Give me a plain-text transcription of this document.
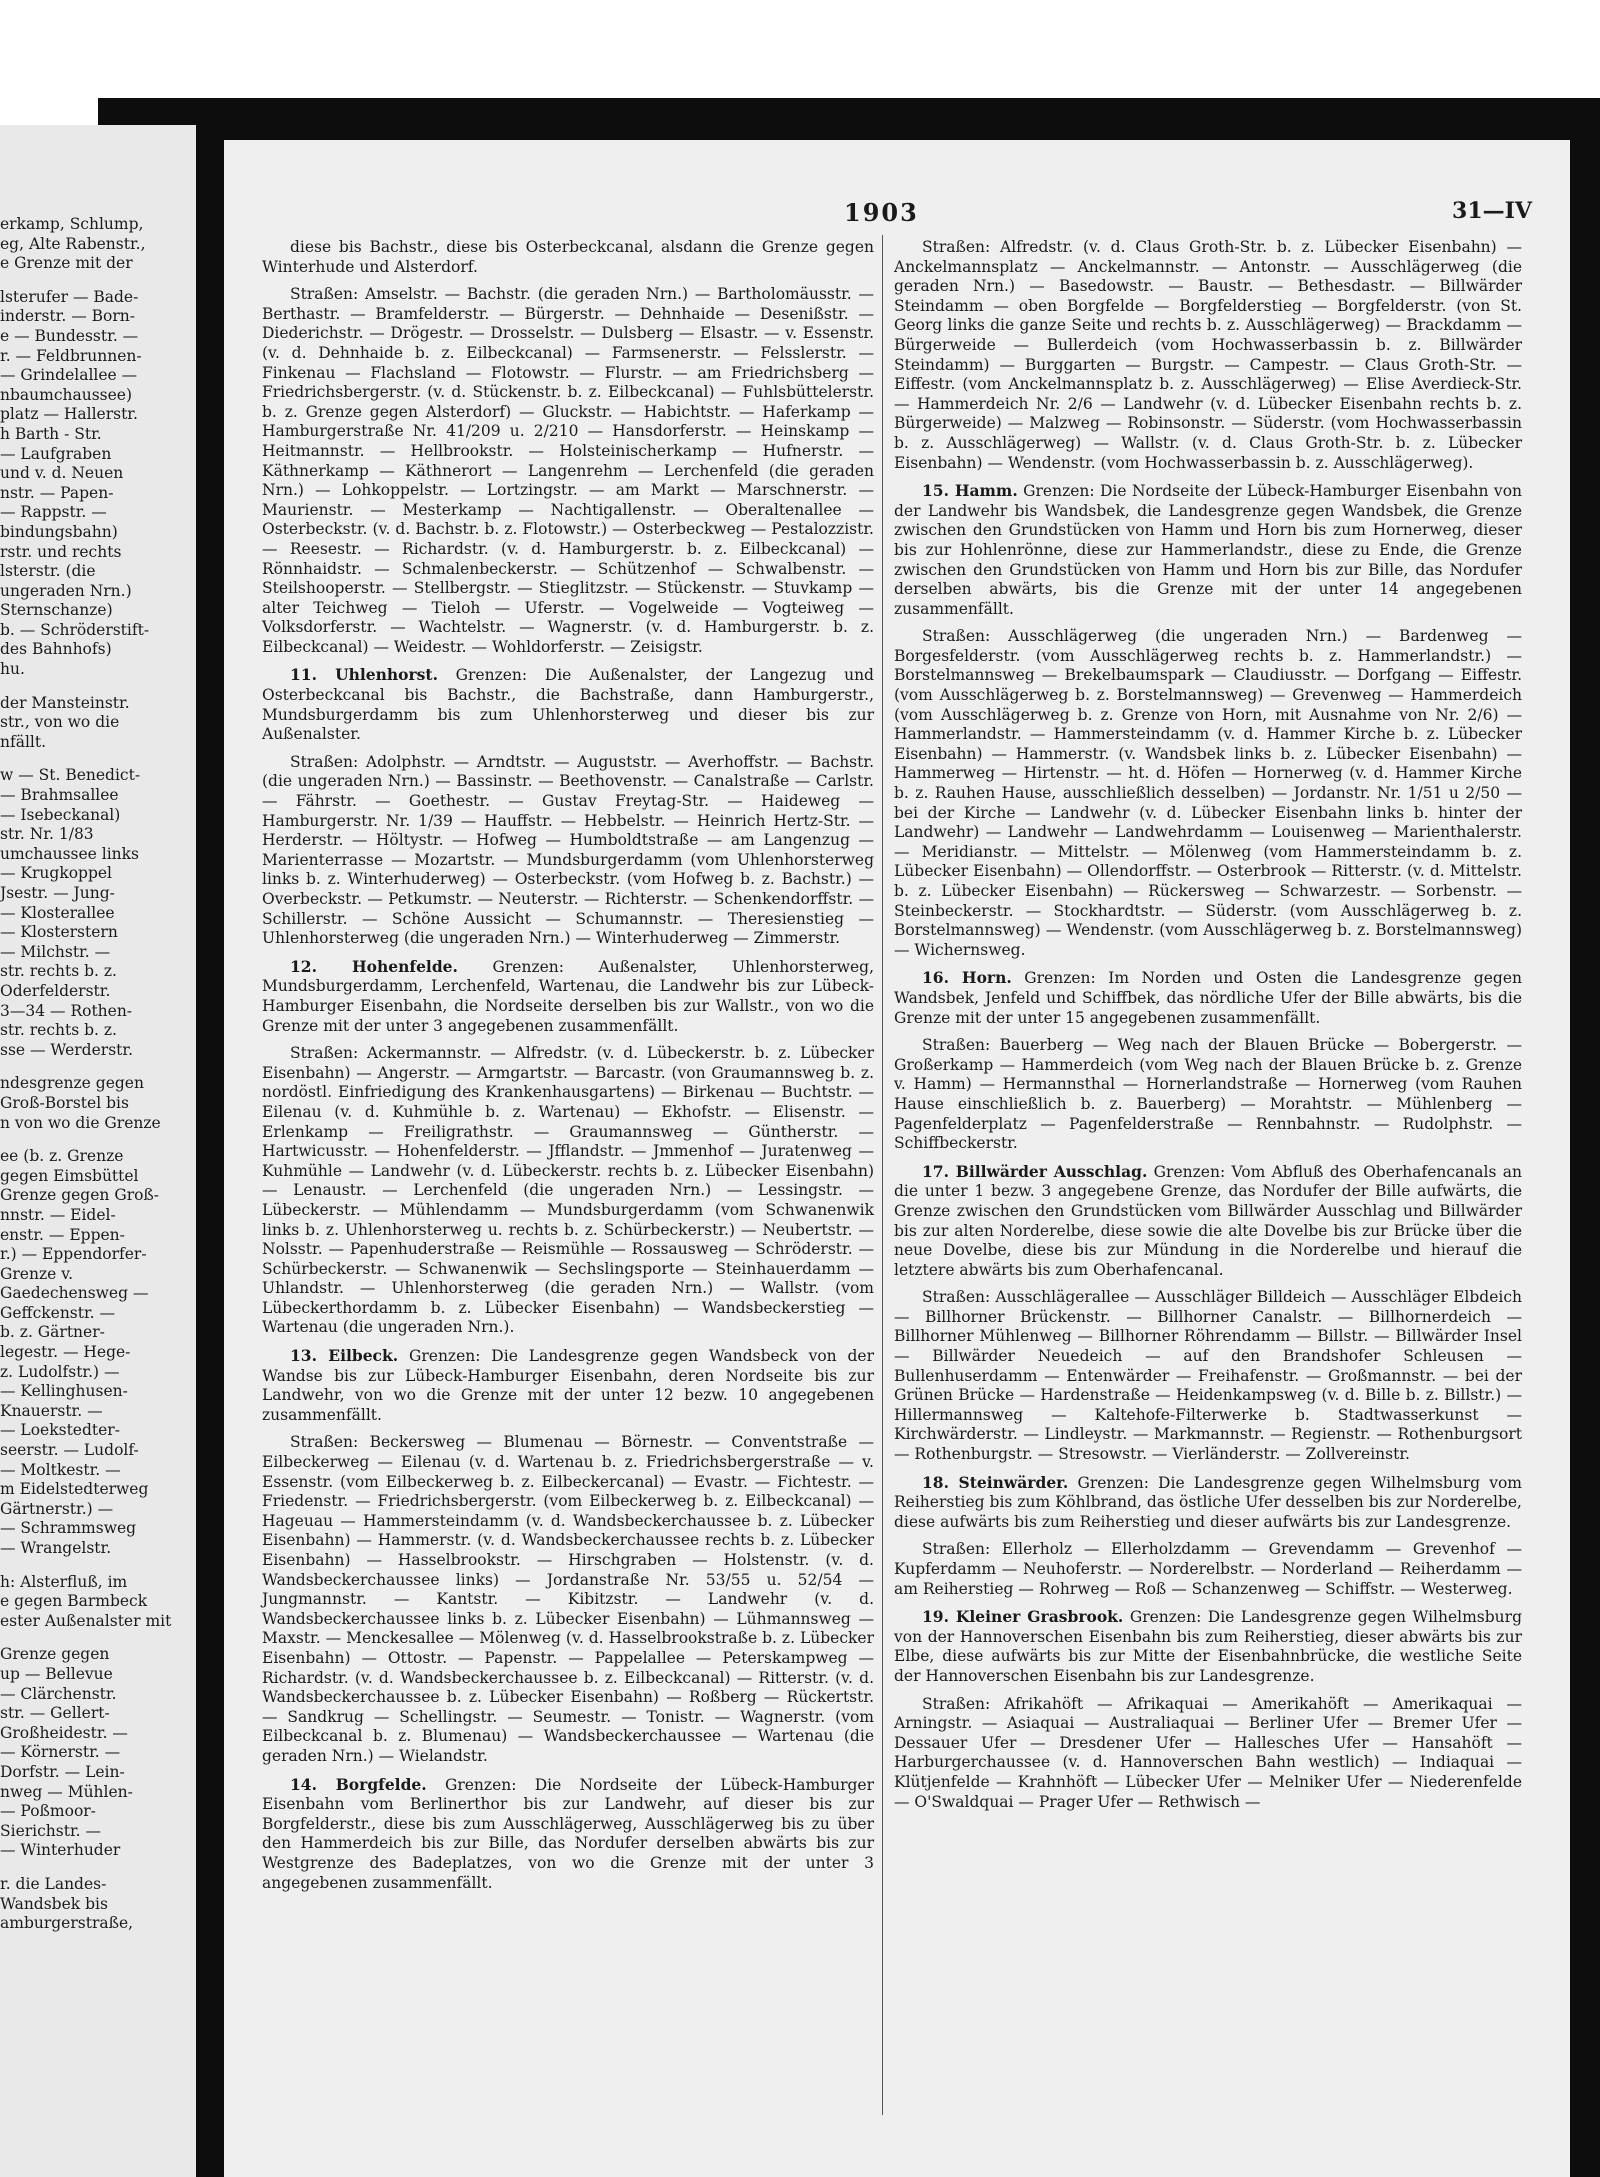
erkamp, Schlump,
eg, Alte Rabenstr.,
e Grenze mit der
lsterufer — Bade-
inderstr. — Born-
e — Bundesstr. —
r. — Feldbrunnen-
— Grindelallee —
nbaumchaussee)
platz — Hallerstr.
h Barth - Str.
— Laufgraben
und v. d. Neuen
nstr. — Papen-
— Rappstr. —
bindungsbahn)
rstr. und rechts
lsterstr. (die
ungeraden Nrn.)
Sternschanze)
b. — Schröderstift-
des Bahnhofs)
hu.
der Mansteinstr.
str., von wo die
nfällt.
w — St. Benedict-
— Brahmsallee
— Isebeckanal)
str. Nr. 1/83
umchaussee links
— Krugkoppel
Jsestr. — Jung-
— Klosterallee
— Klosterstern
— Milchstr. —
str. rechts b. z.
Oderfelderstr.
3—34 — Rothen-
str. rechts b. z.
sse — Werderstr.
ndesgrenze gegen
Groß-Borstel bis
n von wo die Grenze
ee (b. z. Grenze
gegen Eimsbüttel
Grenze gegen Groß-
nnstr. — Eidel-
enstr. — Eppen-
r.) — Eppendorfer-
Grenze v.
Gaedechensweg —
Geffckenstr. —
b. z. Gärtner-
legestr. — Hege-
z. Ludolfstr.) —
— Kellinghusen-
Knauerstr. —
— Loekstedter-
seerstr. — Ludolf-
— Moltkestr. —
m Eidelstedterweg
Gärtnerstr.) —
— Schrammsweg
— Wrangelstr.
h: Alsterfluß, im
e gegen Barmbeck
ester Außenalster mit
Grenze gegen
up — Bellevue
— Clärchenstr.
str. — Gellert-
Großheidestr. —
— Körnerstr. —
Dorfstr. — Lein-
nweg — Mühlen-
— Poßmoor-
Sierichstr. —
— Winterhuder
r. die Landes-
Wandsbek bis
amburgerstraße,
1903	31—IV

diese bis Bachstr., diese bis Osterbeckcanal, alsdann die Grenze gegen Winterhude und Alsterdorf.

Straßen: Amselstr. — Bachstr. (die geraden Nrn.) — Bartholomäusstr. — Berthastr. — Bramfelderstr. — Bürgerstr. — Dehnhaide — Desenißstr. — Diederichstr. — Drögestr. — Drosselstr. — Dulsberg — Elsastr. — v. Essenstr. (v. d. Dehnhaide b. z. Eilbeckcanal) — Farmsenerstr. — Felsslerstr. — Finkenau — Flachsland — Flotowstr. — Flurstr. — am Friedrichsberg — Friedrichsbergerstr. (v. d. Stückenstr. b. z. Eilbeckcanal) — Fuhlsbüttelerstr. b. z. Grenze gegen Alsterdorf) — Gluckstr. — Habichtstr. — Haferkamp — Hamburgerstraße Nr. 41/209 u. 2/210 — Hansdorferstr. — Heinskamp — Heitmannstr. — Hellbrookstr. — Holsteinischerkamp — Hufnerstr. — Käthnerkamp — Käthnerort — Langenrehm — Lerchenfeld (die geraden Nrn.) — Lohkoppelstr. — Lortzingstr. — am Markt — Marschnerstr. — Maurienstr. — Mesterkamp — Nachtigallenstr. — Oberaltenallee — Osterbeckstr. (v. d. Bachstr. b. z. Flotowstr.) — Osterbeckweg — Pestalozzistr. — Reesestr. — Richardstr. (v. d. Hamburgerstr. b. z. Eilbeckcanal) — Rönnhaidstr. — Schmalenbeckerstr. — Schützenhof — Schwalbenstr. — Steilshooperstr. — Stellbergstr. — Stieglitzstr. — Stückenstr. — Stuvkamp — alter Teichweg — Tieloh — Uferstr. — Vogelweide — Vogteiweg — Volksdorferstr. — Wachtelstr. — Wagnerstr. (v. d. Hamburgerstr. b. z. Eilbeckcanal) — Weidestr. — Wohldorferstr. — Zeisigstr.

11. Uhlenhorst. Grenzen: Die Außenalster, der Langezug und Osterbeckcanal bis Bachstr., die Bachstraße, dann Hamburgerstr., Mundsburgerdamm bis zum Uhlenhorsterweg und dieser bis zur Außenalster.

Straßen: Adolphstr. — Arndtstr. — Auguststr. — Averhoffstr. — Bachstr. (die ungeraden Nrn.) — Bassinstr. — Beethovenstr. — Canalstraße — Carlstr. — Fährstr. — Goethestr. — Gustav Freytag-Str. — Haideweg — Hamburgerstr. Nr. 1/39 — Hauffstr. — Hebbelstr. — Heinrich Hertz-Str. — Herderstr. — Höltystr. — Hofweg — Humboldtstraße — am Langenzug — Marienterrasse — Mozartstr. — Mundsburgerdamm (vom Uhlenhorsterweg links b. z. Winterhuderweg) — Osterbeckstr. (vom Hofweg b. z. Bachstr.) — Overbeckstr. — Petkumstr. — Neuterstr. — Richterstr. — Schenkendorffstr. — Schillerstr. — Schöne Aussicht — Schumannstr. — Theresienstieg — Uhlenhorsterweg (die ungeraden Nrn.) — Winterhuderweg — Zimmerstr.

12. Hohenfelde. Grenzen: Außenalster, Uhlenhorsterweg, Mundsburgerdamm, Lerchenfeld, Wartenau, die Landwehr bis zur Lübeck-Hamburger Eisenbahn, die Nordseite derselben bis zur Wallstr., von wo die Grenze mit der unter 3 angegebenen zusammenfällt.

Straßen: Ackermannstr. — Alfredstr. (v. d. Lübeckerstr. b. z. Lübecker Eisenbahn) — Angerstr. — Armgartstr. — Barcastr. (von Graumannsweg b. z. nordöstl. Einfriedigung des Krankenhausgartens) — Birkenau — Buchtstr. — Eilenau (v. d. Kuhmühle b. z. Wartenau) — Ekhofstr. — Elisenstr. — Erlenkamp — Freiligrathstr. — Graumannsweg — Güntherstr. — Hartwicusstr. — Hohenfelderstr. — Jfflandstr. — Jmmenhof — Juratenweg — Kuhmühle — Landwehr (v. d. Lübeckerstr. rechts b. z. Lübecker Eisenbahn) — Lenaustr. — Lerchenfeld (die ungeraden Nrn.) — Lessingstr. — Lübeckerstr. — Mühlendamm — Mundsburgerdamm (vom Schwanenwik links b. z. Uhlenhorsterweg u. rechts b. z. Schürbeckerstr.) — Neubertstr. — Nolsstr. — Papenhuderstraße — Reismühle — Rossausweg — Schröderstr. — Schürbeckerstr. — Schwanenwik — Sechslingsporte — Steinhauerdamm — Uhlandstr. — Uhlenhorsterweg (die geraden Nrn.) — Wallstr. (vom Lübeckerthordamm b. z. Lübecker Eisenbahn) — Wandsbeckerstieg — Wartenau (die ungeraden Nrn.).

13. Eilbeck. Grenzen: Die Landesgrenze gegen Wandsbeck von der Wandse bis zur Lübeck-Hamburger Eisenbahn, deren Nordseite bis zur Landwehr, von wo die Grenze mit der unter 12 bezw. 10 angegebenen zusammenfällt.

Straßen: Beckersweg — Blumenau — Börnestr. — Conventstraße — Eilbeckerweg — Eilenau (v. d. Wartenau b. z. Friedrichsbergerstraße — v. Essenstr. (vom Eilbeckerweg b. z. Eilbeckercanal) — Evastr. — Fichtestr. — Friedenstr. — Friedrichsbergerstr. (vom Eilbeckerweg b. z. Eilbeckcanal) — Hageuau — Hammersteindamm (v. d. Wandsbeckerchaussee b. z. Lübecker Eisenbahn) — Hammerstr. (v. d. Wandsbeckerchaussee rechts b. z. Lübecker Eisenbahn) — Hasselbrookstr. — Hirschgraben — Holstenstr. (v. d. Wandsbeckerchaussee links) — Jordanstraße Nr. 53/55 u. 52/54 — Jungmannstr. — Kantstr. — Kibitzstr. — Landwehr (v. d. Wandsbeckerchaussee links b. z. Lübecker Eisenbahn) — Lühmannsweg — Maxstr. — Menckesallee — Mölenweg (v. d. Hasselbrookstraße b. z. Lübecker Eisenbahn) — Ottostr. — Papenstr. — Pappelallee — Peterskampweg — Richardstr. (v. d. Wandsbeckerchaussee b. z. Eilbeckcanal) — Ritterstr. (v. d. Wandsbeckerchaussee b. z. Lübecker Eisenbahn) — Roßberg — Rückertstr. — Sandkrug — Schellingstr. — Seumestr. — Tonistr. — Wagnerstr. (vom Eilbeckcanal b. z. Blumenau) — Wandsbeckerchaussee — Wartenau (die geraden Nrn.) — Wielandstr.

14. Borgfelde. Grenzen: Die Nordseite der Lübeck-Hamburger Eisenbahn vom Berlinerthor bis zur Landwehr, auf dieser bis zur Borgfelderstr., diese bis zum Ausschlägerweg, Ausschlägerweg bis zu über den Hammerdeich bis zur Bille, das Nordufer derselben abwärts bis zur Westgrenze des Badeplatzes, von wo die Grenze mit der unter 3 angegebenen zusammenfällt.

Straßen: Alfredstr. (v. d. Claus Groth-Str. b. z. Lübecker Eisenbahn) — Anckelmannsplatz — Anckelmannstr. — Antonstr. — Ausschlägerweg (die geraden Nrn.) — Basedowstr. — Baustr. — Bethesdastr. — Billwärder Steindamm — oben Borgfelde — Borgfelderstieg — Borgfelderstr. (von St. Georg links die ganze Seite und rechts b. z. Ausschlägerweg) — Brackdamm — Bürgerweide — Bullerdeich (vom Hochwasserbassin b. z. Billwärder Steindamm) — Burggarten — Burgstr. — Campestr. — Claus Groth-Str. — Eiffestr. (vom Anckelmannsplatz b. z. Ausschlägerweg) — Elise Averdieck-Str. — Hammerdeich Nr. 2/6 — Landwehr (v. d. Lübecker Eisenbahn rechts b. z. Bürgerweide) — Malzweg — Robinsonstr. — Süderstr. (vom Hochwasserbassin b. z. Ausschlägerweg) — Wallstr. (v. d. Claus Groth-Str. b. z. Lübecker Eisenbahn) — Wendenstr. (vom Hochwasserbassin b. z. Ausschlägerweg).

15. Hamm. Grenzen: Die Nordseite der Lübeck-Hamburger Eisenbahn von der Landwehr bis Wandsbek, die Landesgrenze gegen Wandsbek, die Grenze zwischen den Grundstücken von Hamm und Horn bis zum Hornerweg, dieser bis zur Hohlenrönne, diese zur Hammerlandstr., diese zu Ende, die Grenze zwischen den Grundstücken von Hamm und Horn bis zur Bille, das Nordufer derselben abwärts, bis die Grenze mit der unter 14 angegebenen zusammenfällt.

Straßen: Ausschlägerweg (die ungeraden Nrn.) — Bardenweg — Borgesfelderstr. (vom Ausschlägerweg rechts b. z. Hammerlandstr.) — Borstelmannsweg — Brekelbaumspark — Claudiusstr. — Dorfgang — Eiffestr. (vom Ausschlägerweg b. z. Borstelmannsweg) — Grevenweg — Hammerdeich (vom Ausschlägerweg b. z. Grenze von Horn, mit Ausnahme von Nr. 2/6) — Hammerlandstr. — Hammersteindamm (v. d. Hammer Kirche b. z. Lübecker Eisenbahn) — Hammerstr. (v. Wandsbek links b. z. Lübecker Eisenbahn) — Hammerweg — Hirtenstr. — ht. d. Höfen — Hornerweg (v. d. Hammer Kirche b. z. Rauhen Hause, ausschließlich desselben) — Jordanstr. Nr. 1/51 u 2/50 — bei der Kirche — Landwehr (v. d. Lübecker Eisenbahn links b. hinter der Landwehr) — Landwehr — Landwehrdamm — Louisenweg — Marienthalerstr. — Meridianstr. — Mittelstr. — Mölenweg (vom Hammersteindamm b. z. Lübecker Eisenbahn) — Ollendorffstr. — Osterbrook — Ritterstr. (v. d. Mittelstr. b. z. Lübecker Eisenbahn) — Rückersweg — Schwarzestr. — Sorbenstr. — Steinbeckerstr. — Stockhardtstr. — Süderstr. (vom Ausschlägerweg b. z. Borstelmannsweg) — Wendenstr. (vom Ausschlägerweg b. z. Borstelmannsweg) — Wichernsweg.

16. Horn. Grenzen: Im Norden und Osten die Landesgrenze gegen Wandsbek, Jenfeld und Schiffbek, das nördliche Ufer der Bille abwärts, bis die Grenze mit der unter 15 angegebenen zusammenfällt.

Straßen: Bauerberg — Weg nach der Blauen Brücke — Bobergerstr. — Großerkamp — Hammerdeich (vom Weg nach der Blauen Brücke b. z. Grenze v. Hamm) — Hermannsthal — Hornerlandstraße — Hornerweg (vom Rauhen Hause einschließlich b. z. Bauerberg) — Morahtstr. — Mühlenberg — Pagenfelderplatz — Pagenfelderstraße — Rennbahnstr. — Rudolphstr. — Schiffbeckerstr.

17. Billwärder Ausschlag. Grenzen: Vom Abfluß des Oberhafencanals an die unter 1 bezw. 3 angegebene Grenze, das Nordufer der Bille aufwärts, die Grenze zwischen den Grundstücken vom Billwärder Ausschlag und Billwärder bis zur alten Norderelbe, diese sowie die alte Dovelbe bis zur Brücke über die neue Dovelbe, diese bis zur Mündung in die Norderelbe und hierauf die letztere abwärts bis zum Oberhafencanal.

Straßen: Ausschlägerallee — Ausschläger Billdeich — Ausschläger Elbdeich — Billhorner Brückenstr. — Billhorner Canalstr. — Billhornerdeich — Billhorner Mühlenweg — Billhorner Röhrendamm — Billstr. — Billwärder Insel — Billwärder Neuedeich — auf den Brandshofer Schleusen — Bullenhuserdamm — Entenwärder — Freihafenstr. — Großmannstr. — bei der Grünen Brücke — Hardenstraße — Heidenkampsweg (v. d. Bille b. z. Billstr.) — Hillermannsweg — Kaltehofe-Filterwerke b. Stadtwasserkunst — Kirchwärderstr. — Lindleystr. — Markmannstr. — Regienstr. — Rothenburgsort — Rothenburgstr. — Stresowstr. — Vierländerstr. — Zollvereinstr.

18. Steinwärder. Grenzen: Die Landesgrenze gegen Wilhelmsburg vom Reiherstieg bis zum Köhlbrand, das östliche Ufer desselben bis zur Norderelbe, diese aufwärts bis zum Reiherstieg und dieser aufwärts bis zur Landesgrenze.

Straßen: Ellerholz — Ellerholzdamm — Grevendamm — Grevenhof — Kupferdamm — Neuhoferstr. — Norderelbstr. — Norderland — Reiherdamm — am Reiherstieg — Rohrweg — Roß — Schanzenweg — Schiffstr. — Westerweg.

19. Kleiner Grasbrook. Grenzen: Die Landesgrenze gegen Wilhelmsburg von der Hannoverschen Eisenbahn bis zum Reiherstieg, dieser abwärts bis zur Elbe, diese aufwärts bis zur Mitte der Eisenbahnbrücke, die westliche Seite der Hannoverschen Eisenbahn bis zur Landesgrenze.

Straßen: Afrikahöft — Afrikaquai — Amerikahöft — Amerikaquai — Arningstr. — Asiaquai — Australiaquai — Berliner Ufer — Bremer Ufer — Dessauer Ufer — Dresdener Ufer — Hallesches Ufer — Hansahöft — Harburgerchaussee (v. d. Hannoverschen Bahn westlich) — Indiaquai — Klütjenfelde — Krahnhöft — Lübecker Ufer — Melniker Ufer — Niederenfelde — O'Swaldquai — Prager Ufer — Rethwisch —
